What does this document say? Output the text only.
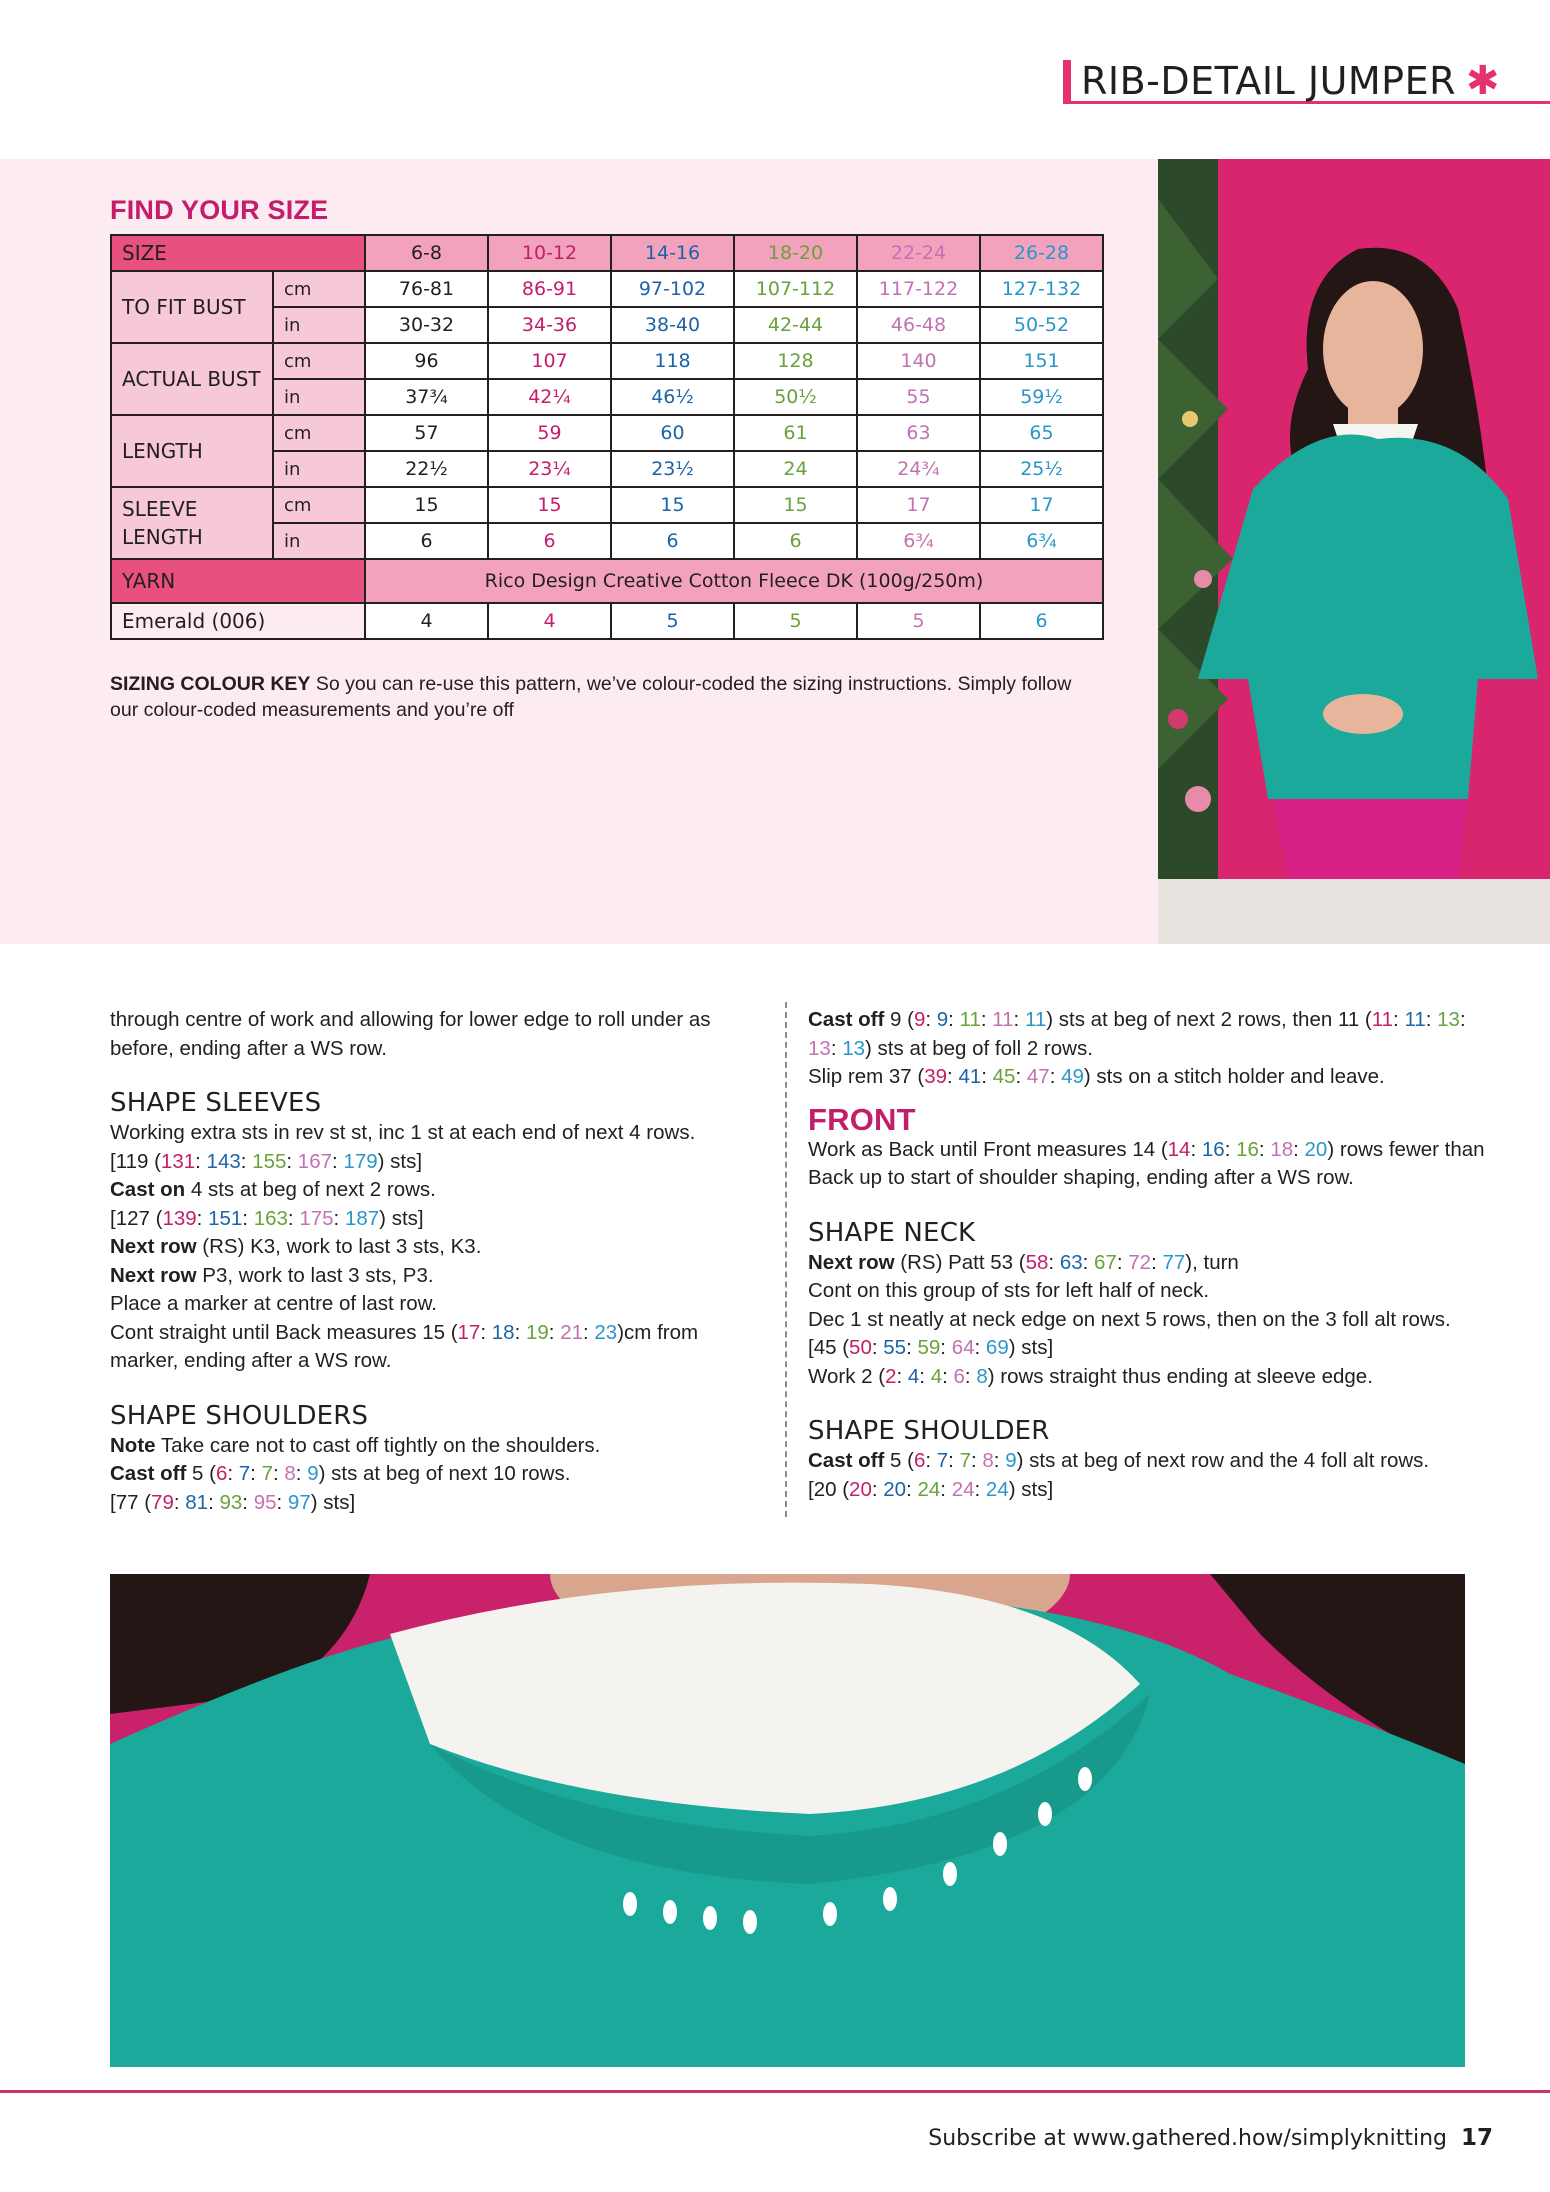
RIB-DETAIL JUMPER ✱
FIND YOUR SIZE
SIZE		6-8	10-12	14-16	18-20	22-24	26-28
TO FIT BUST	cm	76-81	86-91	97-102	107-112	117-122	127-132
	in	30-32	34-36	38-40	42-44	46-48	50-52
ACTUAL BUST	cm	96	107	118	128	140	151
	in	37¾	42¼	46½	50½	55	59½
LENGTH	cm	57	59	60	61	63	65
	in	22½	23¼	23½	24	24¾	25½
SLEEVE
LENGTH	cm	15	15	15	15	17	17
	in	6	6	6	6	6¾	6¾
YARN		Rico Design Creative Cotton Fleece DK (100g/250m)					
Emerald (006)		4	4	5	5	5	6

SIZING COLOUR KEY So you can re-use this pattern, we’ve colour-coded the sizing instructions. Simply follow our colour-coded measurements and you’re off

through centre of work and allowing for lower edge to roll under as before, ending after a WS row.

SHAPE SLEEVES

Working extra sts in rev st st, inc 1 st at each end of next 4 rows.

[119 (131: 143: 155: 167: 179) sts]

Cast on 4 sts at beg of next 2 rows.

[127 (139: 151: 163: 175: 187) sts]

Next row (RS) K3, work to last 3 sts, K3.

Next row P3, work to last 3 sts, P3.

Place a marker at centre of last row.

Cont straight until Back measures 15 (17: 18: 19: 21: 23)cm from marker, ending after a WS row.

SHAPE SHOULDERS

Note Take care not to cast off tightly on the shoulders.

Cast off 5 (6: 7: 7: 8: 9) sts at beg of next 10 rows.

[77 (79: 81: 93: 95: 97) sts]

Cast off 9 (9: 9: 11: 11: 11) sts at beg of next 2 rows, then 11 (11: 11: 13: 13: 13) sts at beg of foll 2 rows.

Slip rem 37 (39: 41: 45: 47: 49) sts on a stitch holder and leave.

FRONT

Work as Back until Front measures 14 (14: 16: 16: 18: 20) rows fewer than Back up to start of shoulder shaping, ending after a WS row.

SHAPE NECK

Next row (RS) Patt 53 (58: 63: 67: 72: 77), turn

Cont on this group of sts for left half of neck.

Dec 1 st neatly at neck edge on next 5 rows, then on the 3 foll alt rows.

[45 (50: 55: 59: 64: 69) sts]

Work 2 (2: 4: 4: 6: 8) rows straight thus ending at sleeve edge.

SHAPE SHOULDER

Cast off 5 (6: 7: 7: 8: 9) sts at beg of next row and the 4 foll alt rows.

[20 (20: 20: 24: 24: 24) sts]

Subscribe at www.gathered.how/simplyknitting 17
